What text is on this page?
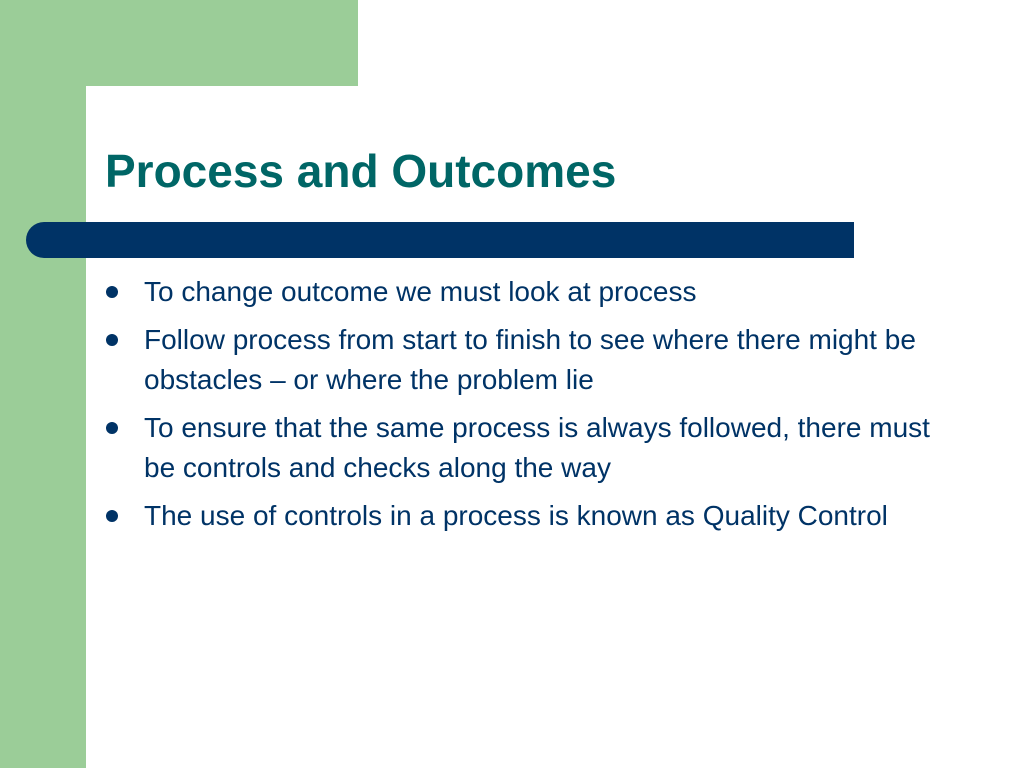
Process and Outcomes
To change outcome we must look at process
Follow process from start to finish to see where there might be obstacles – or where the problem lie
To ensure that the same process is always followed, there must be controls and checks along the way
The use of controls in a process is known as Quality Control
